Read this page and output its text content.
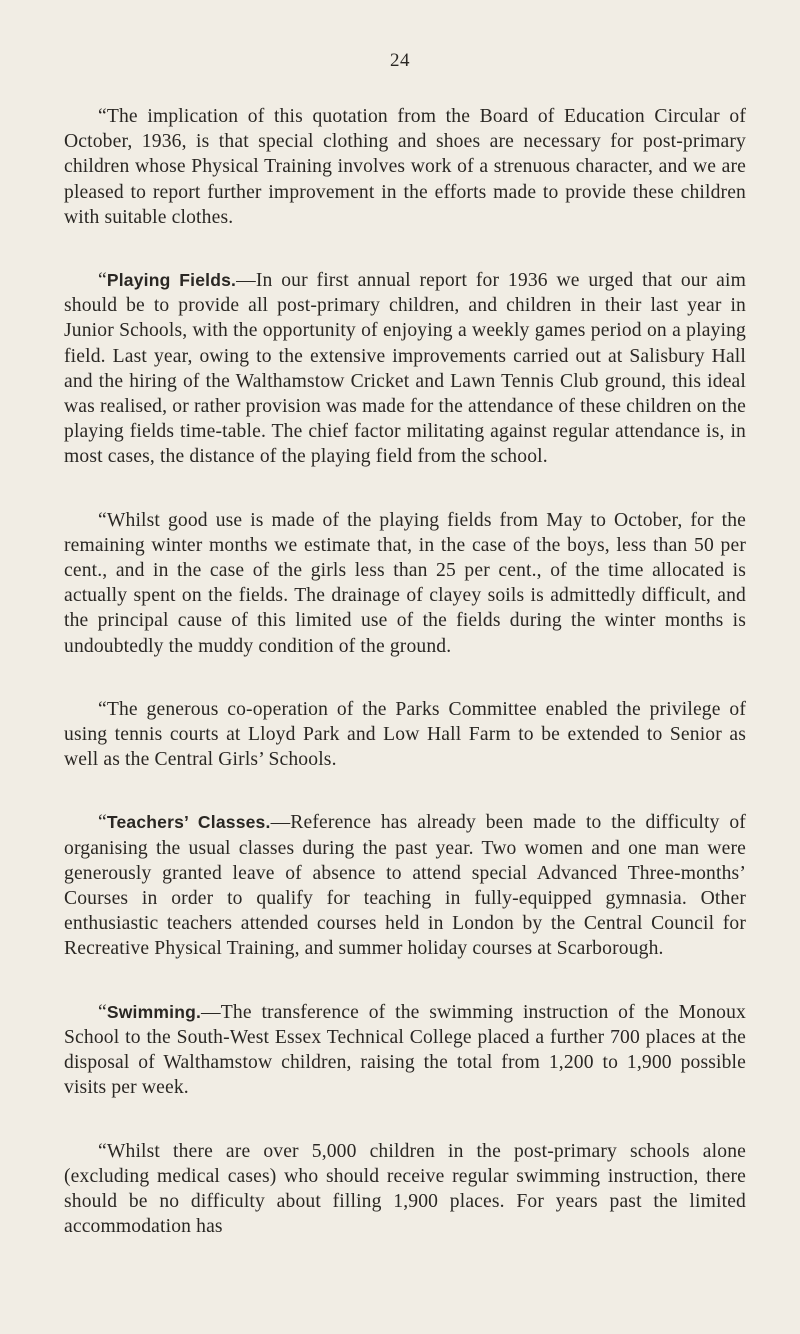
24

“The implication of this quotation from the Board of Education Circular of October, 1936, is that special clothing and shoes are necessary for post-primary children whose Physical Training involves work of a strenuous character, and we are pleased to report further improvement in the efforts made to provide these children with suitable clothes.

“Playing Fields.—In our first annual report for 1936 we urged that our aim should be to provide all post-primary children, and children in their last year in Junior Schools, with the opportunity of enjoying a weekly games period on a playing field. Last year, owing to the extensive improvements carried out at Salisbury Hall and the hiring of the Walthamstow Cricket and Lawn Tennis Club ground, this ideal was realised, or rather provision was made for the attendance of these children on the playing fields time-table. The chief factor militating against regular attendance is, in most cases, the distance of the playing field from the school.

“Whilst good use is made of the playing fields from May to October, for the remaining winter months we estimate that, in the case of the boys, less than 50 per cent., and in the case of the girls less than 25 per cent., of the time allocated is actually spent on the fields. The drainage of clayey soils is admittedly difficult, and the principal cause of this limited use of the fields during the winter months is undoubtedly the muddy condition of the ground.

“The generous co-operation of the Parks Committee enabled the privilege of using tennis courts at Lloyd Park and Low Hall Farm to be extended to Senior as well as the Central Girls’ Schools.

“Teachers’ Classes.—Reference has already been made to the difficulty of organising the usual classes during the past year. Two women and one man were generously granted leave of absence to attend special Advanced Three-months’ Courses in order to qualify for teaching in fully-equipped gymnasia. Other enthusiastic teachers attended courses held in London by the Central Council for Recreative Physical Training, and summer holiday courses at Scarborough.

“Swimming.—The transference of the swimming instruction of the Monoux School to the South-West Essex Technical College placed a further 700 places at the disposal of Walthamstow children, raising the total from 1,200 to 1,900 possible visits per week.

“Whilst there are over 5,000 children in the post-primary schools alone (excluding medical cases) who should receive regular swimming instruction, there should be no difficulty about filling 1,900 places. For years past the limited accommodation has
